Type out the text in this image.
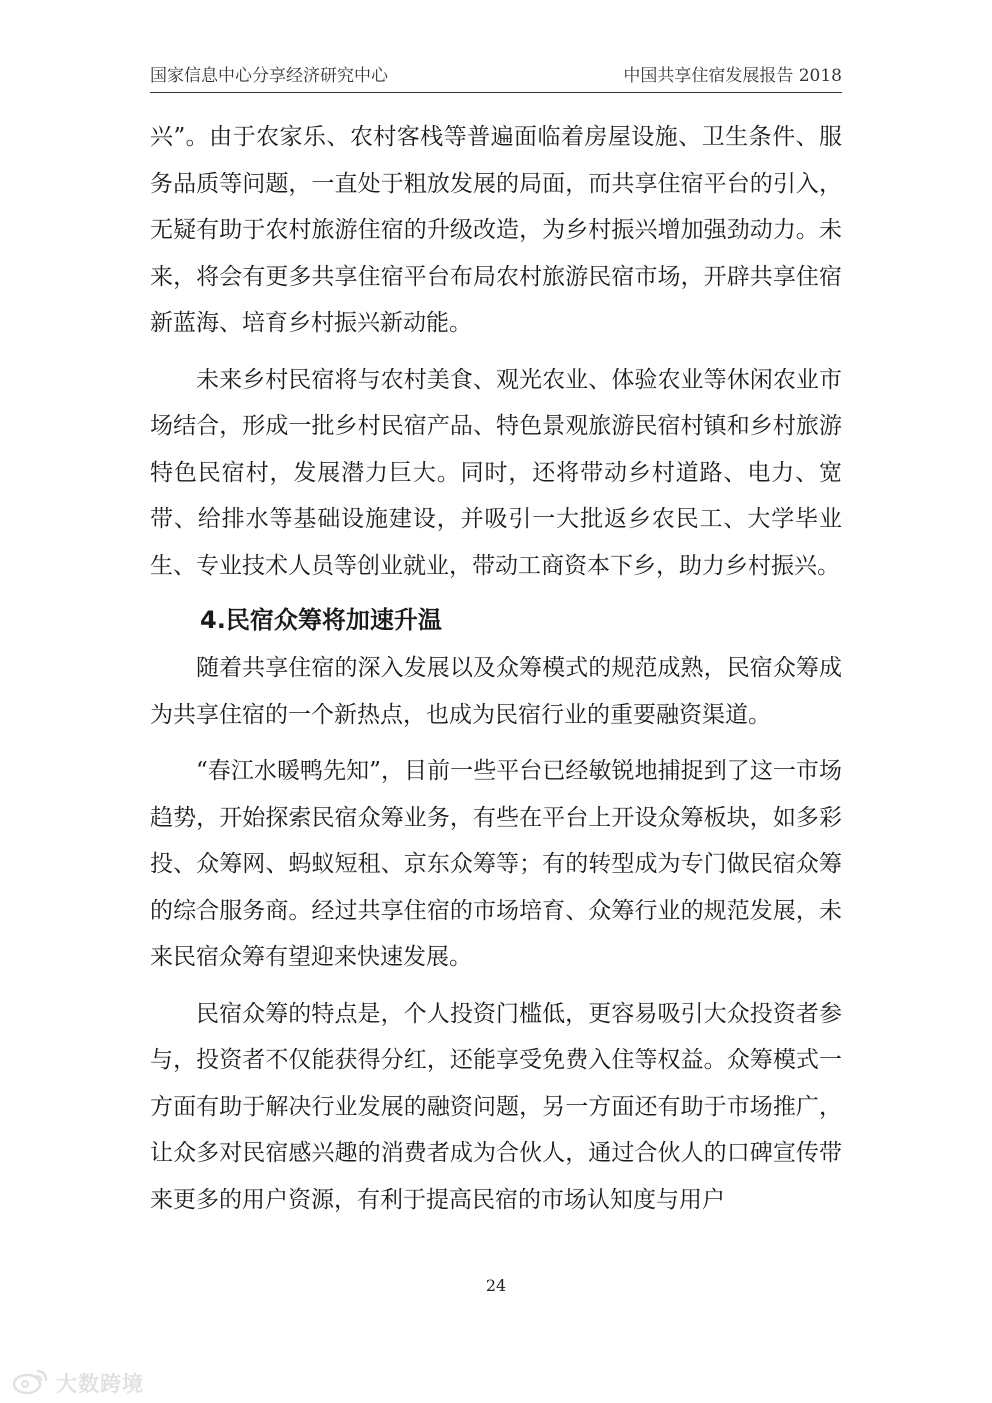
国家信息中心分享经济研究中心	中国共享住宿发展报告 2018

兴”。由于农家乐、农村客栈等普遍面临着房屋设施、卫生条件、服务品质等问题，一直处于粗放发展的局面，而共享住宿平台的引入，无疑有助于农村旅游住宿的升级改造，为乡村振兴增加强劲动力。未来，将会有更多共享住宿平台布局农村旅游民宿市场，开辟共享住宿新蓝海、培育乡村振兴新动能。

未来乡村民宿将与农村美食、观光农业、体验农业等休闲农业市场结合，形成一批乡村民宿产品、特色景观旅游民宿村镇和乡村旅游特色民宿村，发展潜力巨大。同时，还将带动乡村道路、电力、宽带、给排水等基础设施建设，并吸引一大批返乡农民工、大学毕业生、专业技术人员等创业就业，带动工商资本下乡，助力乡村振兴。

4.民宿众筹将加速升温

随着共享住宿的深入发展以及众筹模式的规范成熟，民宿众筹成为共享住宿的一个新热点，也成为民宿行业的重要融资渠道。

“春江水暖鸭先知”，目前一些平台已经敏锐地捕捉到了这一市场趋势，开始探索民宿众筹业务，有些在平台上开设众筹板块，如多彩投、众筹网、蚂蚁短租、京东众筹等；有的转型成为专门做民宿众筹的综合服务商。经过共享住宿的市场培育、众筹行业的规范发展，未来民宿众筹有望迎来快速发展。

民宿众筹的特点是，个人投资门槛低，更容易吸引大众投资者参与，投资者不仅能获得分红，还能享受免费入住等权益。众筹模式一方面有助于解决行业发展的融资问题，另一方面还有助于市场推广，让众多对民宿感兴趣的消费者成为合伙人，通过合伙人的口碑宣传带来更多的用户资源，有利于提高民宿的市场认知度与用户

24
大数跨境
